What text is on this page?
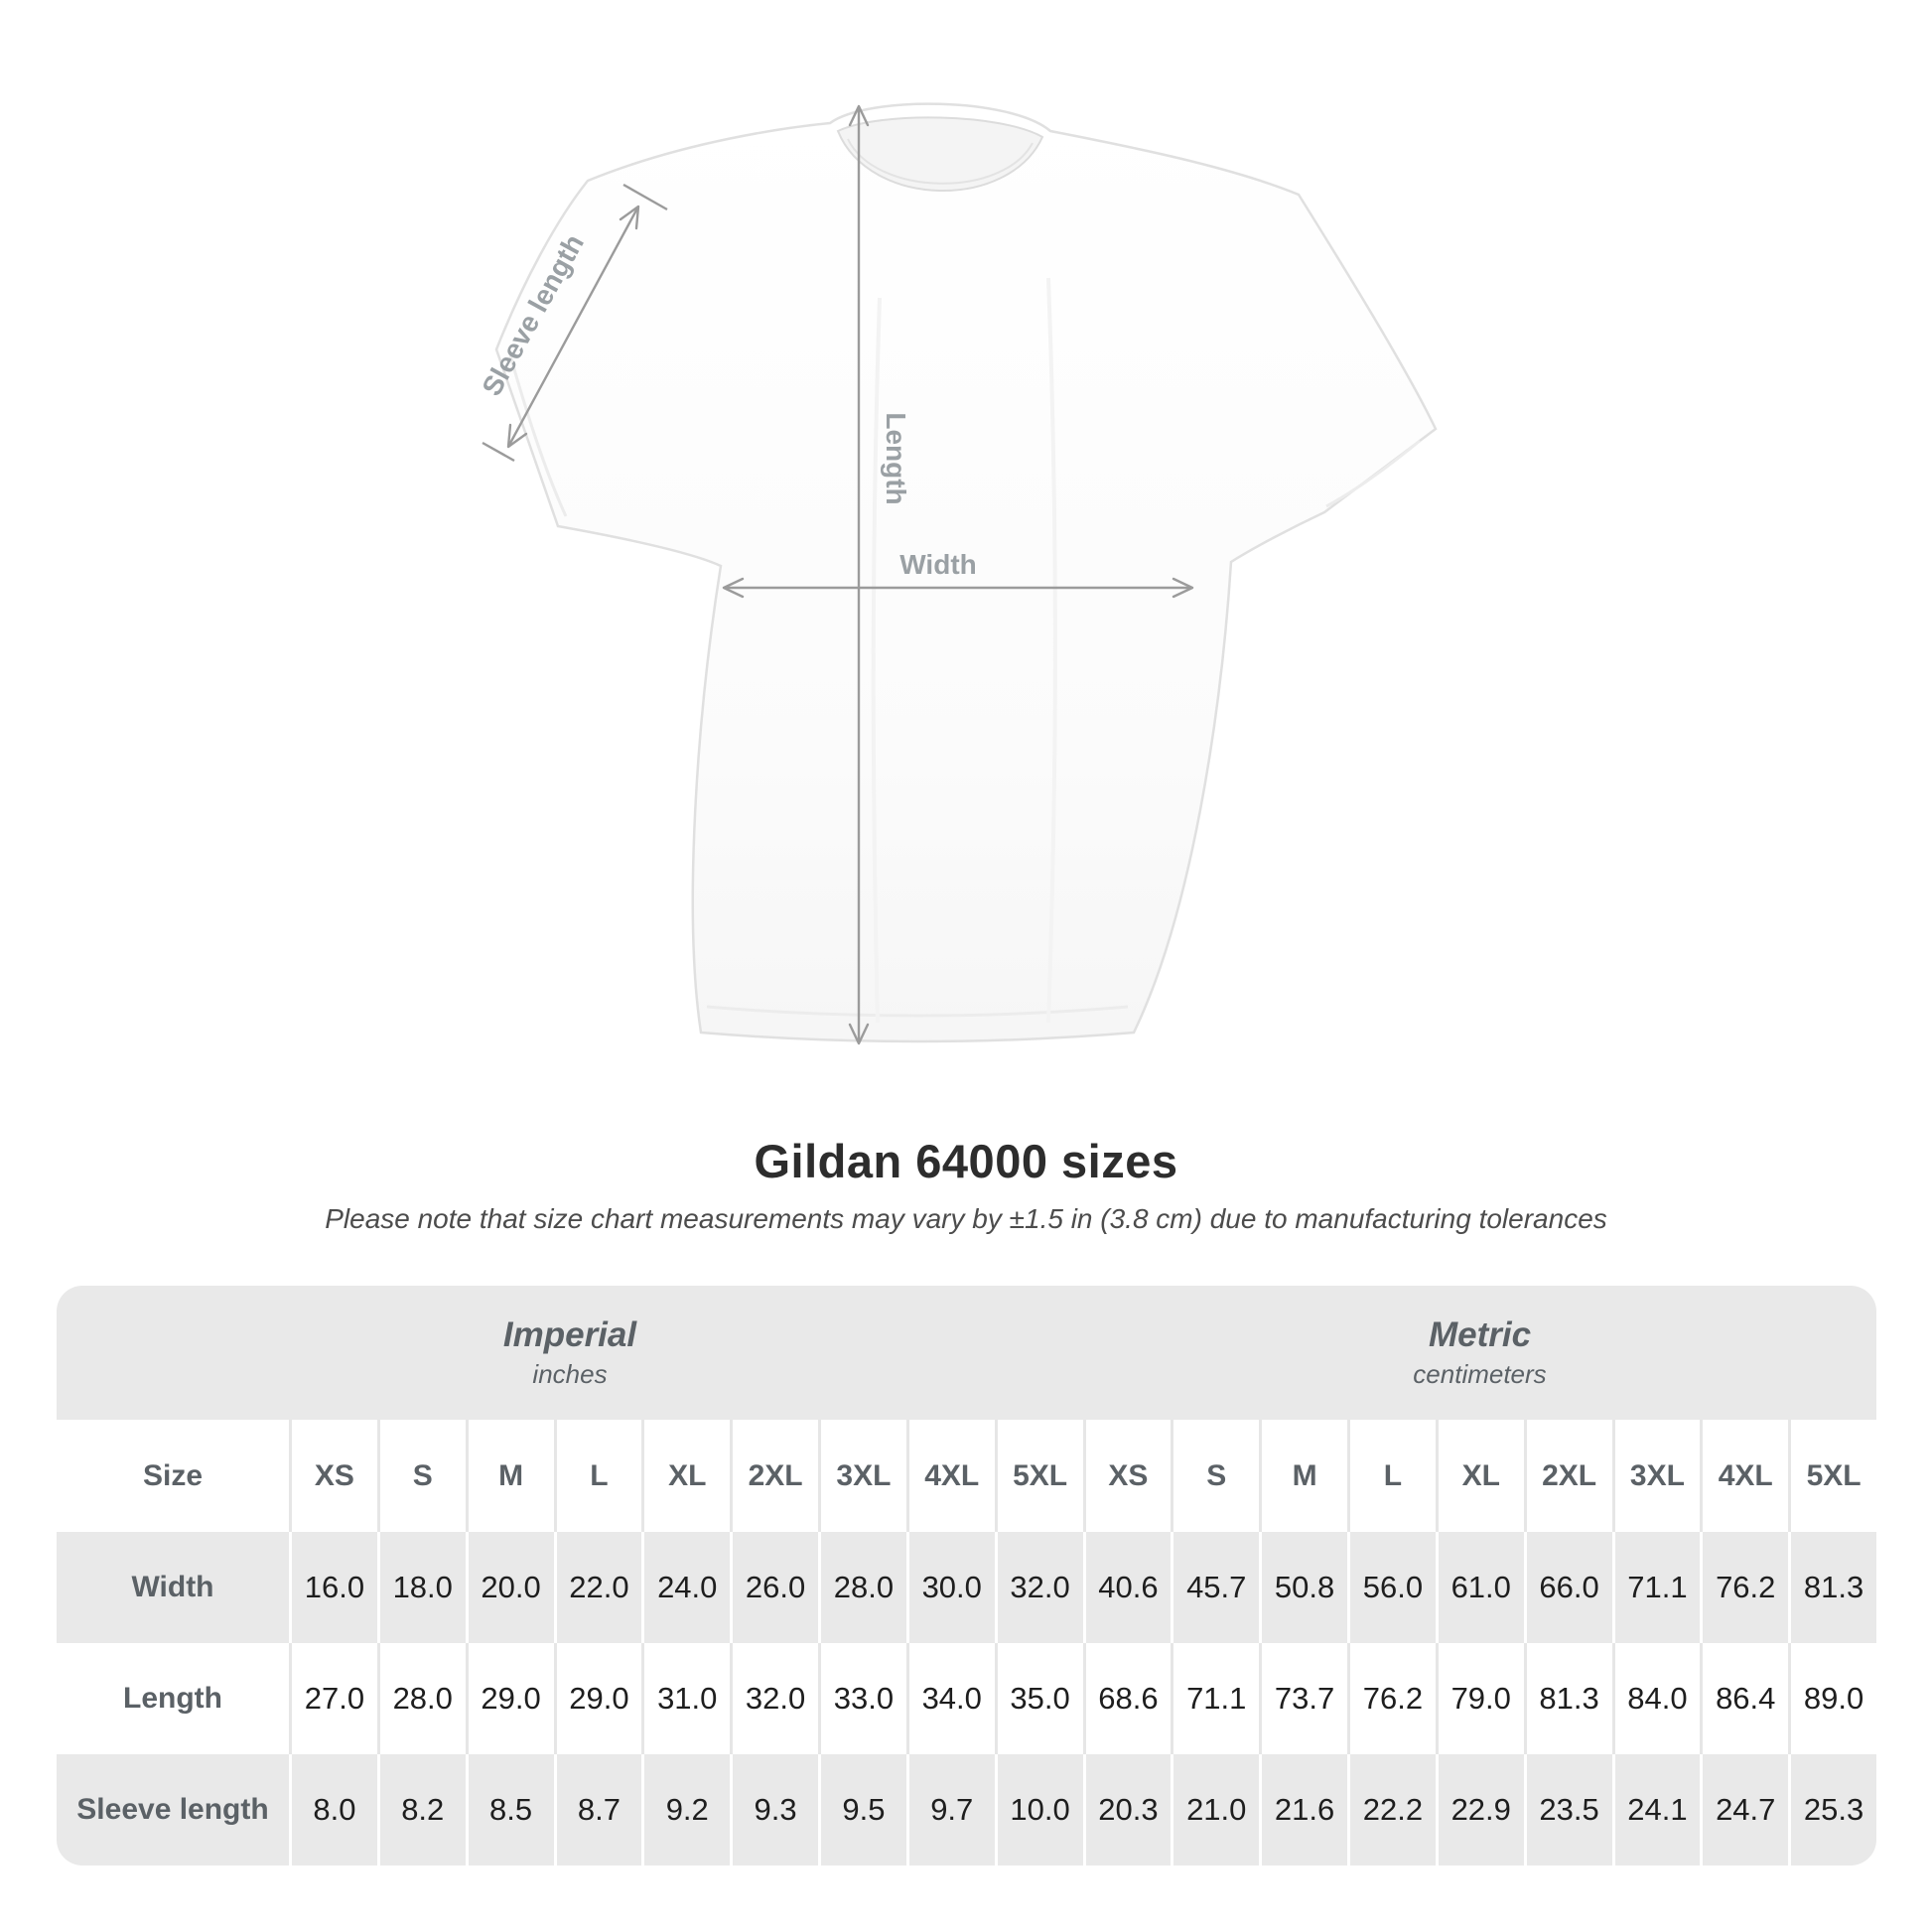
Length
Width
Sleeve length
Gildan 64000 sizes
Please note that size chart measurements may vary by ±1.5 in (3.8 cm) due to manufacturing tolerances
Imperial
inches
Metric
centimeters
Size	XS	S	M	L	XL	2XL	3XL	4XL	5XL	XS	S	M	L	XL	2XL	3XL	4XL	5XL
Width	16.0 18.0 20.0 22.0 24.0 26.0 28.0 30.0 32.0 40.6 45.7 50.8 56.0 61.0 66.0 71.1 76.2 81.3
Length	27.0 28.0 29.0 29.0 31.0 32.0 33.0 34.0 35.0 68.6 71.1 73.7 76.2 79.0 81.3 84.0 86.4 89.0
Sleeve length	8.0	8.2	8.5	8.7	9.2	9.3	9.5	9.7	10.0 20.3 21.0 21.6 22.2 22.9 23.5 24.1 24.7 25.3
